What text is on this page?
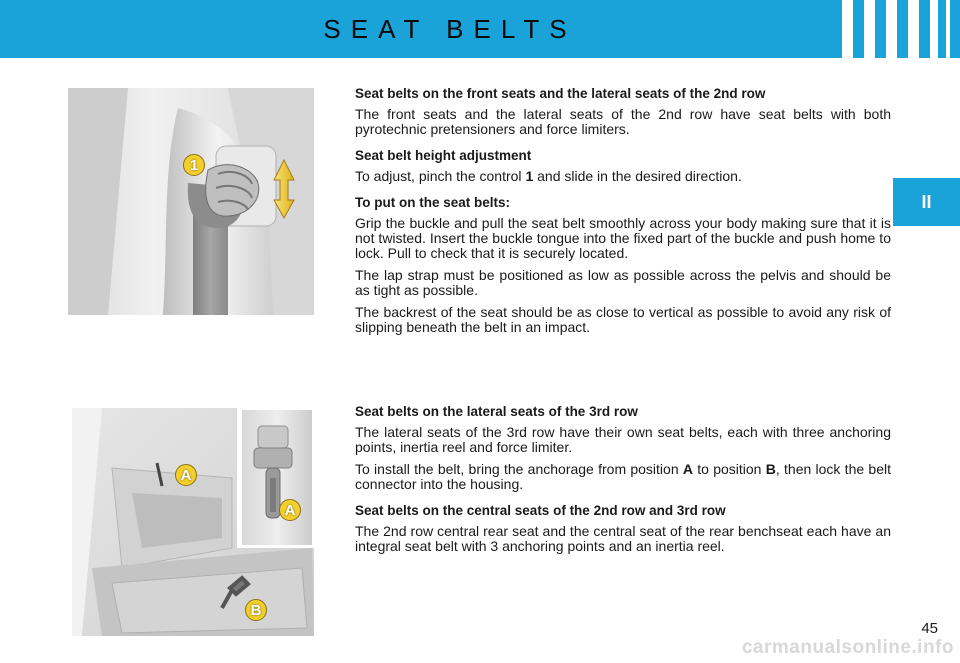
SEAT BELTS
II
1
A
A
B
Seat belts on the front seats and the lateral seats of the 2nd row

The front seats and the lateral seats of the 2nd row have seat belts with both pyrotechnic pretensioners and force limiters.

Seat belt height adjustment

To adjust, pinch the control 1 and slide in the desired direction.

To put on the seat belts:

Grip the buckle and pull the seat belt smoothly across your body making sure that it is not twisted. Insert the buckle tongue into the fixed part of the buckle and push home to lock. Pull to check that it is securely located.

The lap strap must be positioned as low as possible across the pelvis and should be as tight as possible.

The backrest of the seat should be as close to vertical as possible to avoid any risk of slipping beneath the belt in an impact.

Seat belts on the lateral seats of the 3rd row

The lateral seats of the 3rd row have their own seat belts, each with three anchoring points, inertia reel and force limiter.

To install the belt, bring the anchorage from position A to position B, then lock the belt connector into the housing.

Seat belts on the central seats of the 2nd row and 3rd row

The 2nd row central rear seat and the central seat of the rear benchseat each have an integral seat belt with 3 anchoring points and an inertia reel.

45
carmanualsonline.info
